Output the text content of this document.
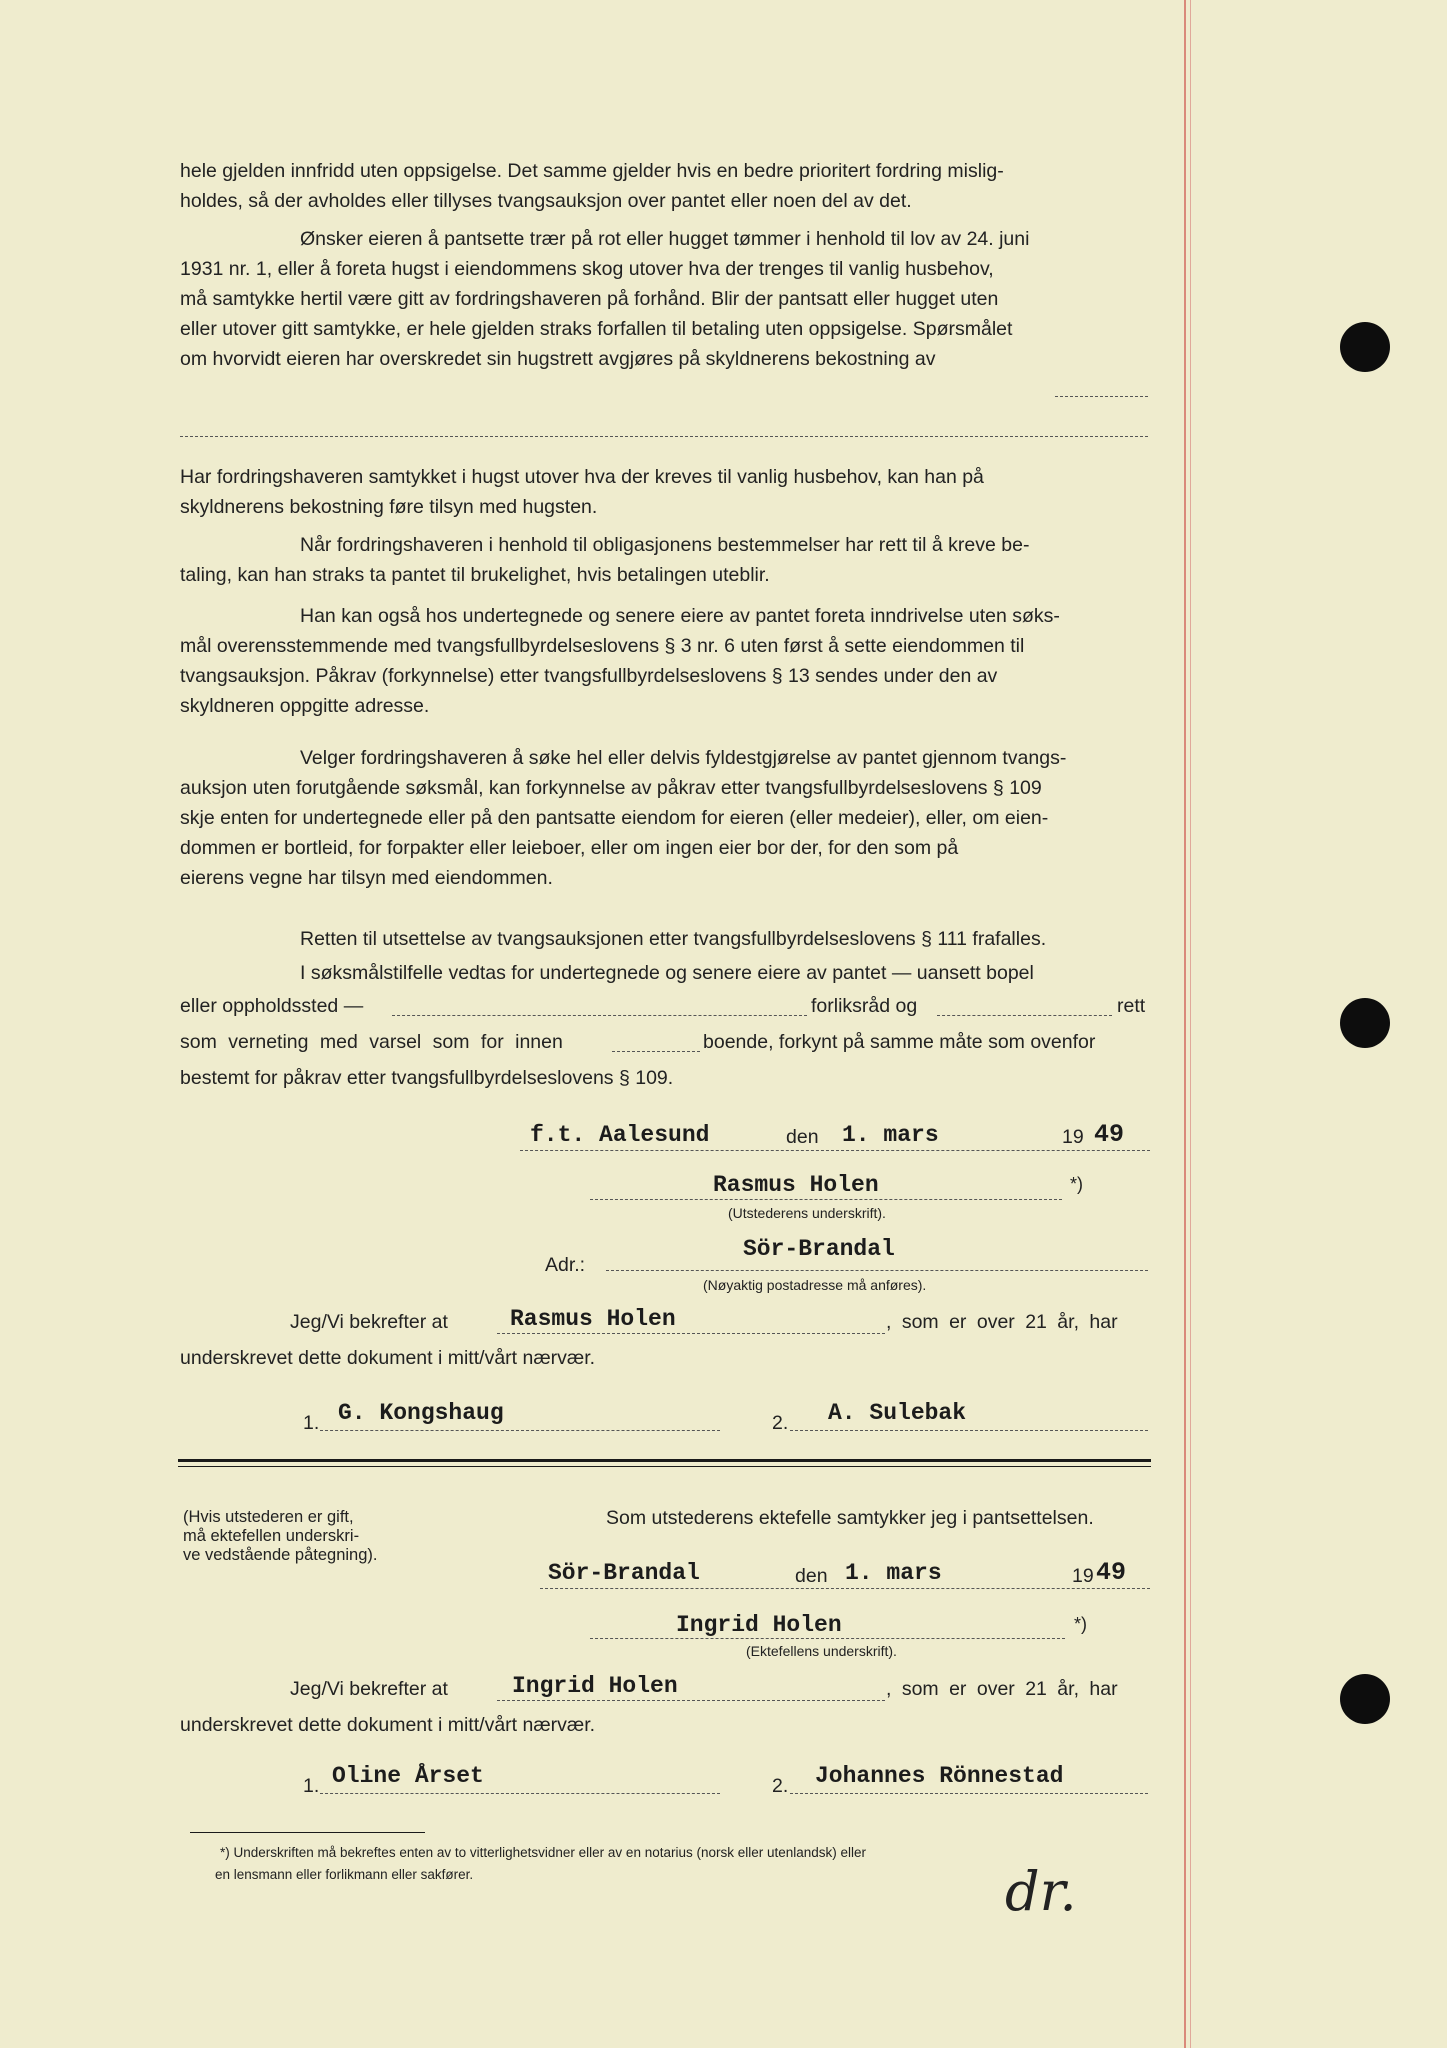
hele gjelden innfridd uten oppsigelse. Det samme gjelder hvis en bedre prioritert fordring mislig-
holdes, så der avholdes eller tillyses tvangsauksjon over pantet eller noen del av det.
Ønsker eieren å pantsette trær på rot eller hugget tømmer i henhold til lov av 24. juni
1931 nr. 1, eller å foreta hugst i eiendommens skog utover hva der trenges til vanlig husbehov,
må samtykke hertil være gitt av fordringshaveren på forhånd. Blir der pantsatt eller hugget uten
eller utover gitt samtykke, er hele gjelden straks forfallen til betaling uten oppsigelse. Spørsmålet
om hvorvidt eieren har overskredet sin hugstrett avgjøres på skyldnerens bekostning av
Har fordringshaveren samtykket i hugst utover hva der kreves til vanlig husbehov, kan han på
skyldnerens bekostning føre tilsyn med hugsten.
Når fordringshaveren i henhold til obligasjonens bestemmelser har rett til å kreve be-
taling, kan han straks ta pantet til brukelighet, hvis betalingen uteblir.
Han kan også hos undertegnede og senere eiere av pantet foreta inndrivelse uten søks-
mål overensstemmende med tvangsfullbyrdelseslovens § 3 nr. 6 uten først å sette eiendommen til
tvangsauksjon. Påkrav (forkynnelse) etter tvangsfullbyrdelseslovens § 13 sendes under den av
skyldneren oppgitte adresse.
Velger fordringshaveren å søke hel eller delvis fyldestgjørelse av pantet gjennom tvangs-
auksjon uten forutgående søksmål, kan forkynnelse av påkrav etter tvangsfullbyrdelseslovens § 109
skje enten for undertegnede eller på den pantsatte eiendom for eieren (eller medeier), eller, om eien-
dommen er bortleid, for forpakter eller leieboer, eller om ingen eier bor der, for den som på
eierens vegne har tilsyn med eiendommen.
Retten til utsettelse av tvangsauksjonen etter tvangsfullbyrdelseslovens § 111 frafalles.
I søksmålstilfelle vedtas for undertegnede og senere eiere av pantet — uansett bopel
eller oppholdssted —	forliksråd og	rett
som verneting med varsel som for innen	boende, forkynt på samme måte som ovenfor
bestemt for påkrav etter tvangsfullbyrdelseslovens § 109.
f.t. Aalesund	den 1. mars	19 49
Rasmus Holen	*)
(Utstederens underskrift).
Adr.:
Sör-Brandal
(Nøyaktig postadresse må anføres).
Jeg/Vi bekrefter at	Rasmus Holen	, som er over 21 år, har
underskrevet dette dokument i mitt/vårt nærvær.
1. G. Kongshaug	2. A. Sulebak
(Hvis utstederen er gift,
må ektefellen underskri-
ve vedstående påtegning).
Som utstederens ektefelle samtykker jeg i pantsettelsen.
Sör-Brandal	den 1. mars	19 49
Ingrid Holen	*)
(Ektefellens underskrift).
Jeg/Vi bekrefter at	Ingrid Holen	, som er over 21 år, har
underskrevet dette dokument i mitt/vårt nærvær.
1. Oline Årset	2. Johannes Rönnestad
*) Underskriften må bekreftes enten av to vitterlighetsvidner eller av en notarius (norsk eller utenlandsk) eller
en lensmann eller forlikmann eller sakfører.	dr.
